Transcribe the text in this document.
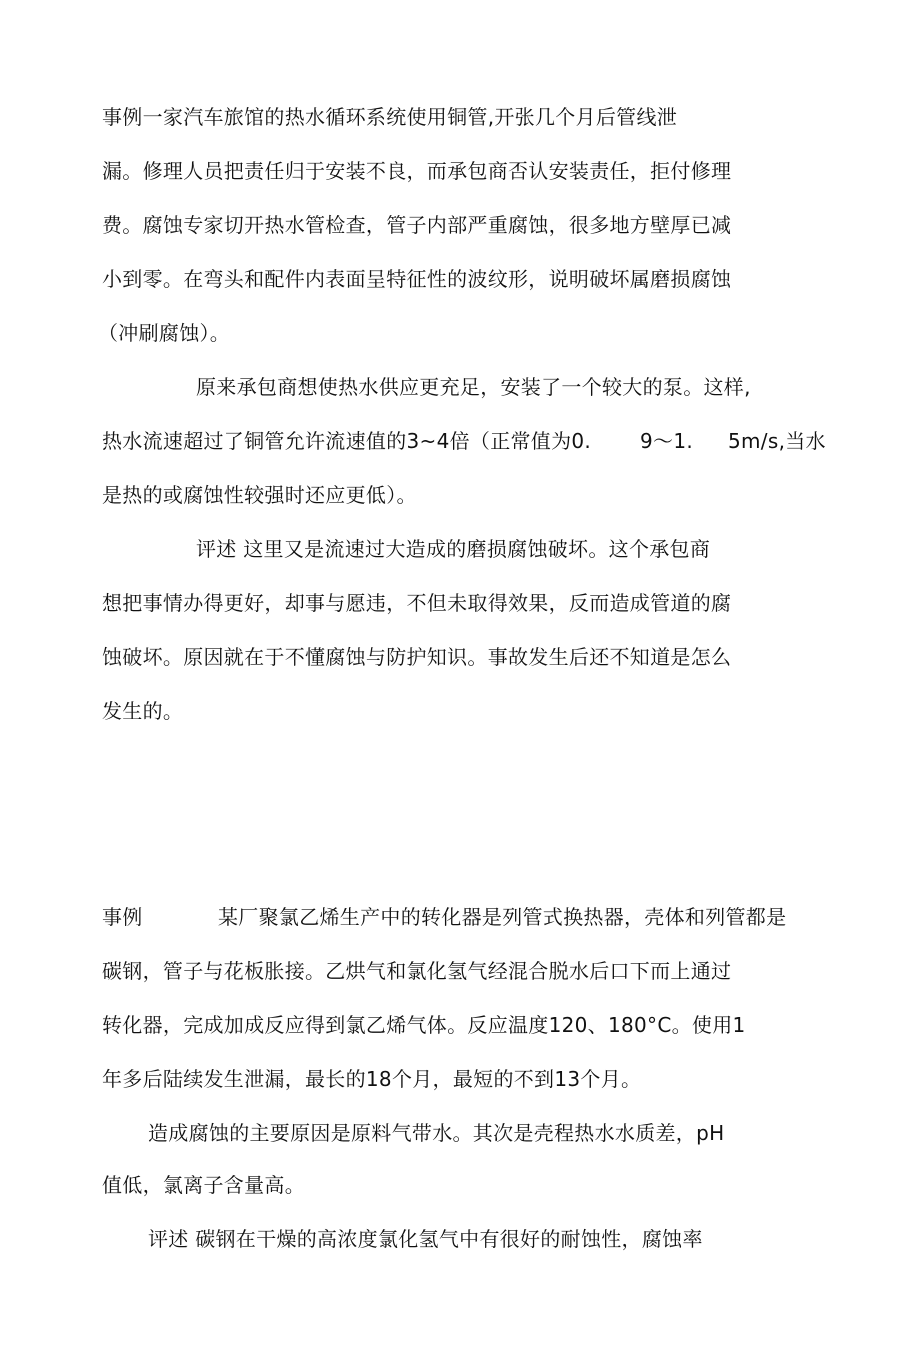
事例一家汽车旅馆的热水循环系统使用铜管,开张几个月后管线泄
漏。修理人员把责任归于安装不良，而承包商否认安装责任，拒付修理
费。腐蚀专家切开热水管检查，管子内部严重腐蚀，很多地方壁厚已减
小到零。在弯头和配件内表面呈特征性的波纹形，说明破坏属磨损腐蚀
（冲刷腐蚀）。
原来承包商想使热水供应更充足，安装了一个较大的泵。这样,
热水流速超过了铜管允许流速值的3~4倍（正常值为0. 9～1. 5m/s,当水
是热的或腐蚀性较强时还应更低）。
评述 这里又是流速过大造成的磨损腐蚀破坏。这个承包商
想把事情办得更好，却事与愿违，不但未取得效果，反而造成管道的腐
蚀破坏。原因就在于不懂腐蚀与防护知识。事故发生后还不知道是怎么
发生的。
事例	某厂聚氯乙烯生产中的转化器是列管式换热器，壳体和列管都是
碳钢，管子与花板胀接。乙烘气和氯化氢气经混合脱水后口下而上通过
转化器，完成加成反应得到氯乙烯气体。反应温度120、180°C。使用1
年多后陆续发生泄漏，最长的18个月，最短的不到13个月。
造成腐蚀的主要原因是原料气带水。其次是壳程热水水质差，pH
值低，氯离子含量高。
评述 碳钢在干燥的高浓度氯化氢气中有很好的耐蚀性，腐蚀率
